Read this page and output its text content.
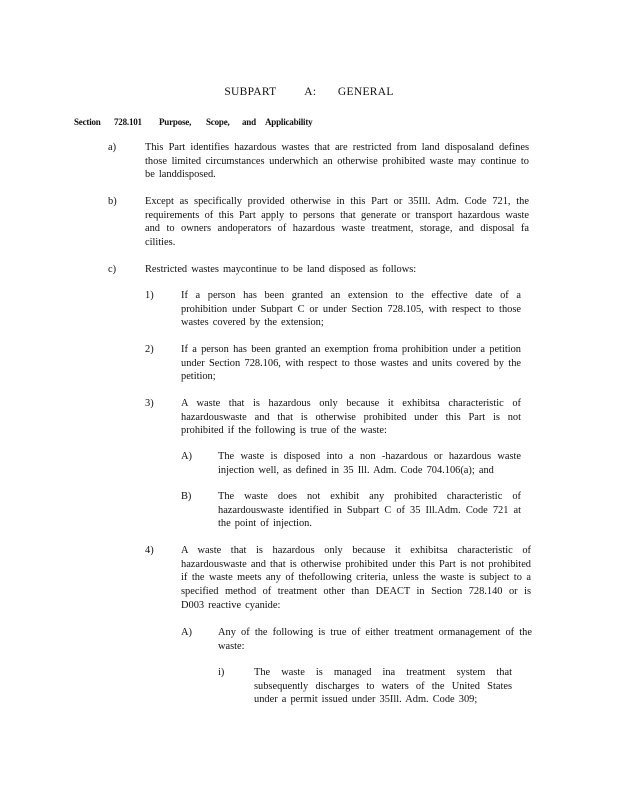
SUBPART    A:   GENERAL
Section 728.101 Purpose, Scope, and Applicability
a)	This Part identifies hazardous wastes that are restricted from land disposaland defines those limited circumstances underwhich an otherwise prohibited waste may continue to be landdisposed.
b)	Except as specifically provided otherwise in this Part or 35Ill. Adm. Code 721, the requirements of this Part apply to persons that generate or transport hazardous waste and to owners andoperators of hazardous waste treatment, storage, and disposal fa cilities.
c)	Restricted wastes maycontinue to be land disposed as follows:
1)	If a person has been granted an extension to the effective date of a prohibition under Subpart C or under Section 728.105, with respect to those wastes covered by the extension;
2)	If a person has been granted an exemption froma prohibition under a petition under Section 728.106, with respect to those wastes and units covered by the petition;
3)	A waste that is hazardous only because it exhibitsa characteristic of hazardouswaste and that is otherwise prohibited under this Part is not prohibited if the following is true of the waste:
A)	The waste is disposed into a non -hazardous or hazardous waste injection well, as defined in 35 Ill. Adm. Code 704.106(a); and
B)	The waste does not exhibit any prohibited characteristic of hazardouswaste identified in Subpart C of 35 Ill.Adm. Code 721 at the point of injection.
4)	A waste that is hazardous only because it exhibitsa characteristic of hazardouswaste and that is otherwise prohibited under this Part is not prohibited if the waste meets any of thefollowing criteria, unless the waste is subject to a specified method of treatment other than DEACT in Section 728.140 or is D003 reactive cyanide:
A)	Any of the following is true of either treatment ormanagement of the waste:
i)	The waste is managed ina treatment system that subsequently discharges to waters of the United States under a permit issued under 35Ill. Adm. Code 309;
